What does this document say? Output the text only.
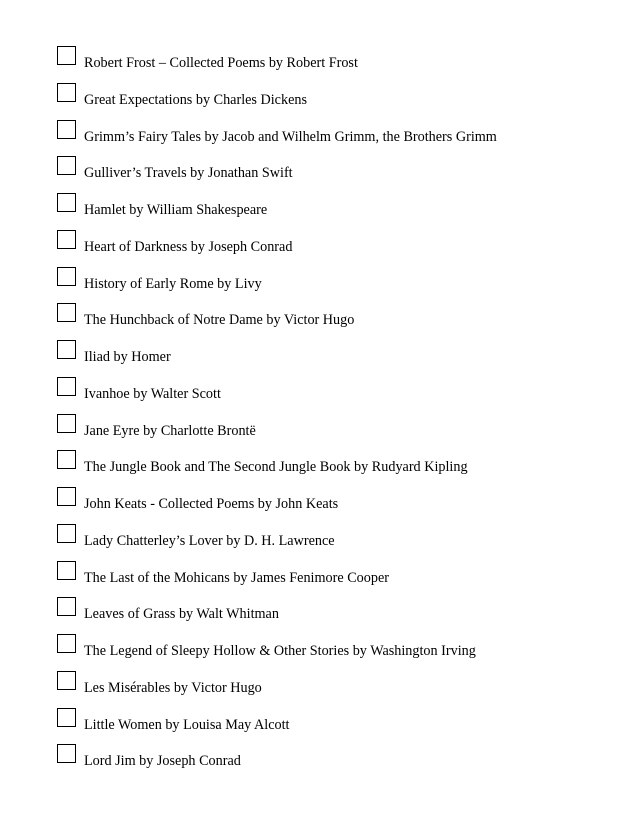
Robert Frost – Collected Poems by Robert Frost
Great Expectations by Charles Dickens
Grimm’s Fairy Tales by Jacob and Wilhelm Grimm, the Brothers Grimm
Gulliver’s Travels by Jonathan Swift
Hamlet by William Shakespeare
Heart of Darkness by Joseph Conrad
History of Early Rome by Livy
The Hunchback of Notre Dame by Victor Hugo
Iliad by Homer
Ivanhoe by Walter Scott
Jane Eyre by Charlotte Brontë
The Jungle Book and The Second Jungle Book by Rudyard Kipling
John Keats - Collected Poems by John Keats
Lady Chatterley’s Lover by D. H. Lawrence
The Last of the Mohicans by James Fenimore Cooper
Leaves of Grass by Walt Whitman
The Legend of Sleepy Hollow & Other Stories by Washington Irving
Les Misérables by Victor Hugo
Little Women by Louisa May Alcott
Lord Jim by Joseph Conrad
